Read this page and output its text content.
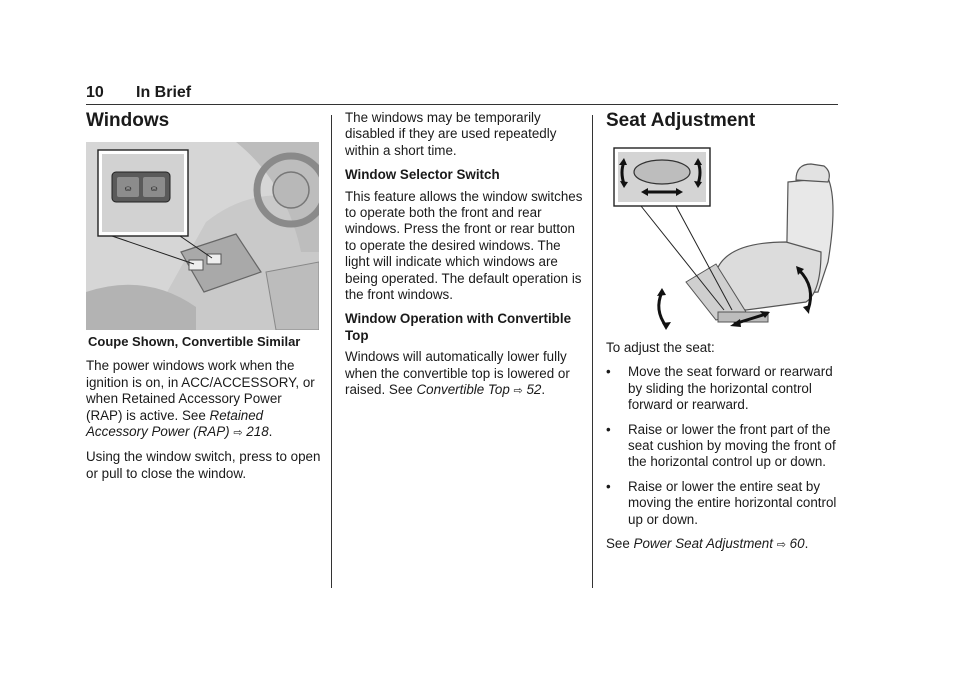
10 In Brief
Windows
⛀ ⛀
Coupe Shown, Convertible Similar

The power windows work when the ignition is on, in ACC/ACCESSORY, or when Retained Accessory Power (RAP) is active. See Retained Accessory Power (RAP) ⇨ 218.

Using the window switch, press to open or pull to close the window.

The windows may be temporarily disabled if they are used repeatedly within a short time.

Window Selector Switch

This feature allows the window switches to operate both the front and rear windows. Press the front or rear button to operate the desired windows. The light will indicate which windows are being operated. The default operation is the front windows.

Window Operation with Convertible Top

Windows will automatically lower fully when the convertible top is lowered or raised. See Convertible Top ⇨ 52.

Seat Adjustment

To adjust the seat:

• Move the seat forward or rearward by sliding the horizontal control forward or rearward.
• Raise or lower the front part of the seat cushion by moving the front of the horizontal control up or down.
• Raise or lower the entire seat by moving the entire horizontal control up or down.

See Power Seat Adjustment ⇨ 60.
